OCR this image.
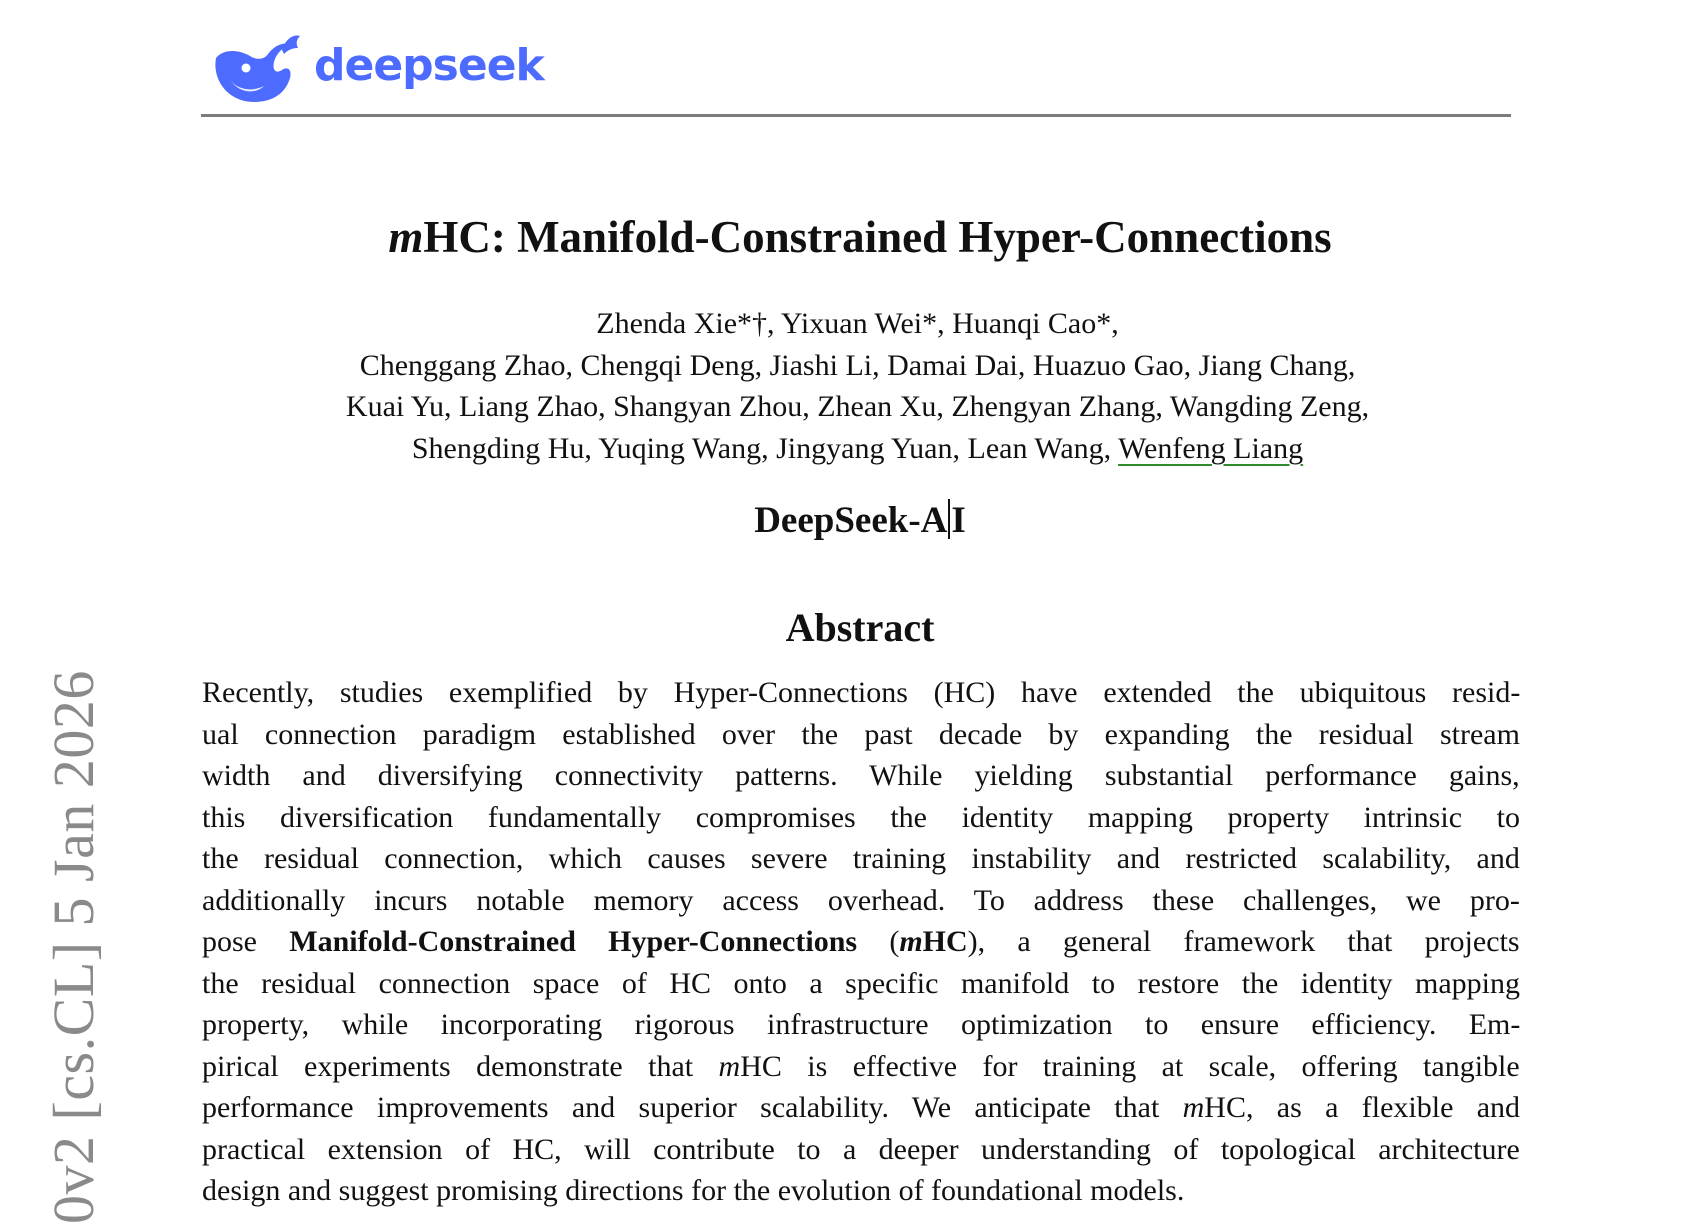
deepseek
0v2 [cs.CL] 5 Jan 2026
mHC: Manifold-Constrained Hyper-Connections
Zhenda Xie*†, Yixuan Wei*, Huanqi Cao*,
Chenggang Zhao, Chengqi Deng, Jiashi Li, Damai Dai, Huazuo Gao, Jiang Chang,
Kuai Yu, Liang Zhao, Shangyan Zhou, Zhean Xu, Zhengyan Zhang, Wangding Zeng,
Shengding Hu, Yuqing Wang, Jingyang Yuan, Lean Wang, Wenfeng Liang
DeepSeek-A I
Abstract
Recently, studies exemplified by Hyper-Connections (HC) have extended the ubiquitous resid-
ual connection paradigm established over the past decade by expanding the residual stream
width and diversifying connectivity patterns. While yielding substantial performance gains,
this diversification fundamentally compromises the identity mapping property intrinsic to
the residual connection, which causes severe training instability and restricted scalability, and
additionally incurs notable memory access overhead. To address these challenges, we pro-
pose Manifold-Constrained Hyper-Connections (mHC), a general framework that projects
the residual connection space of HC onto a specific manifold to restore the identity mapping
property, while incorporating rigorous infrastructure optimization to ensure efficiency. Em-
pirical experiments demonstrate that mHC is effective for training at scale, offering tangible
performance improvements and superior scalability. We anticipate that mHC, as a flexible and
practical extension of HC, will contribute to a deeper understanding of topological architecture
design and suggest promising directions for the evolution of foundational models.
